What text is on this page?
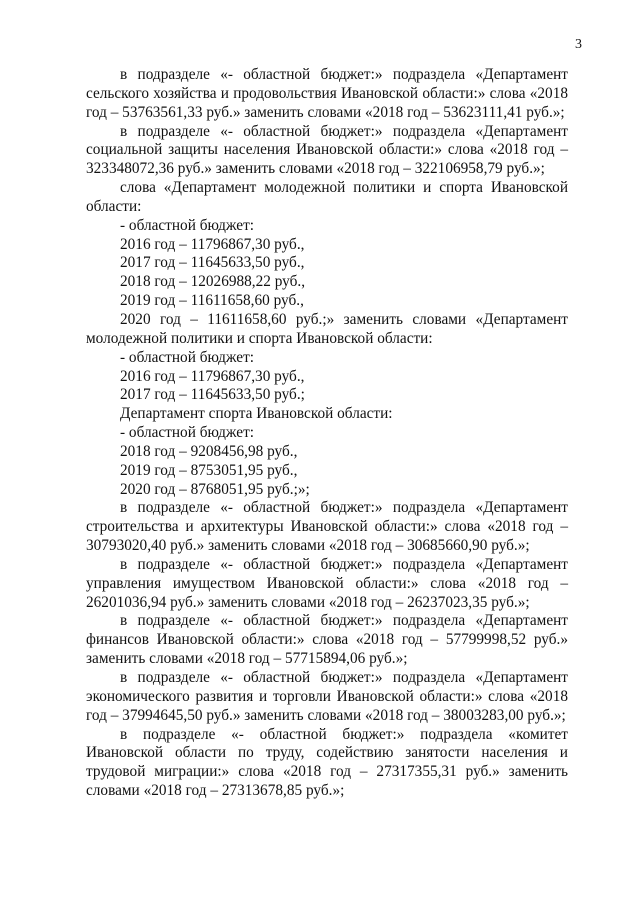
3

в подразделе «- областной бюджет:» подраздела «Департамент сельского хозяйства и продовольствия Ивановской области:» слова «2018 год – 53763561,33 руб.» заменить словами «2018 год – 53623111,41 руб.»;

в подразделе «- областной бюджет:» подраздела «Департамент социальной защиты населения Ивановской области:» слова «2018 год – 323348072,36 руб.» заменить словами «2018 год – 322106958,79 руб.»;

слова «Департамент молодежной политики и спорта Ивановской области:

- областной бюджет:

2016 год – 11796867,30 руб.,

2017 год – 11645633,50 руб.,

2018 год – 12026988,22 руб.,

2019 год – 11611658,60 руб.,

2020 год – 11611658,60 руб.;» заменить словами «Департамент молодежной политики и спорта Ивановской области:

- областной бюджет:

2016 год – 11796867,30 руб.,

2017 год – 11645633,50 руб.;

Департамент спорта Ивановской области:

- областной бюджет:

2018 год – 9208456,98 руб.,

2019 год – 8753051,95 руб.,

2020 год – 8768051,95 руб.;»;

в подразделе «- областной бюджет:» подраздела «Департамент строительства и архитектуры Ивановской области:» слова «2018 год – 30793020,40 руб.» заменить словами «2018 год – 30685660,90 руб.»;

в подразделе «- областной бюджет:» подраздела «Департамент управления имуществом Ивановской области:» слова «2018 год – 26201036,94 руб.» заменить словами «2018 год – 26237023,35 руб.»;

в подразделе «- областной бюджет:» подраздела «Департамент финансов Ивановской области:» слова «2018 год – 57799998,52 руб.» заменить словами «2018 год – 57715894,06 руб.»;

в подразделе «- областной бюджет:» подраздела «Департамент экономического развития и торговли Ивановской области:» слова «2018 год – 37994645,50 руб.» заменить словами «2018 год – 38003283,00 руб.»;

в подразделе «- областной бюджет:» подраздела «комитет Ивановской области по труду, содействию занятости населения и трудовой миграции:» слова «2018 год – 27317355,31 руб.» заменить словами «2018 год – 27313678,85 руб.»;
